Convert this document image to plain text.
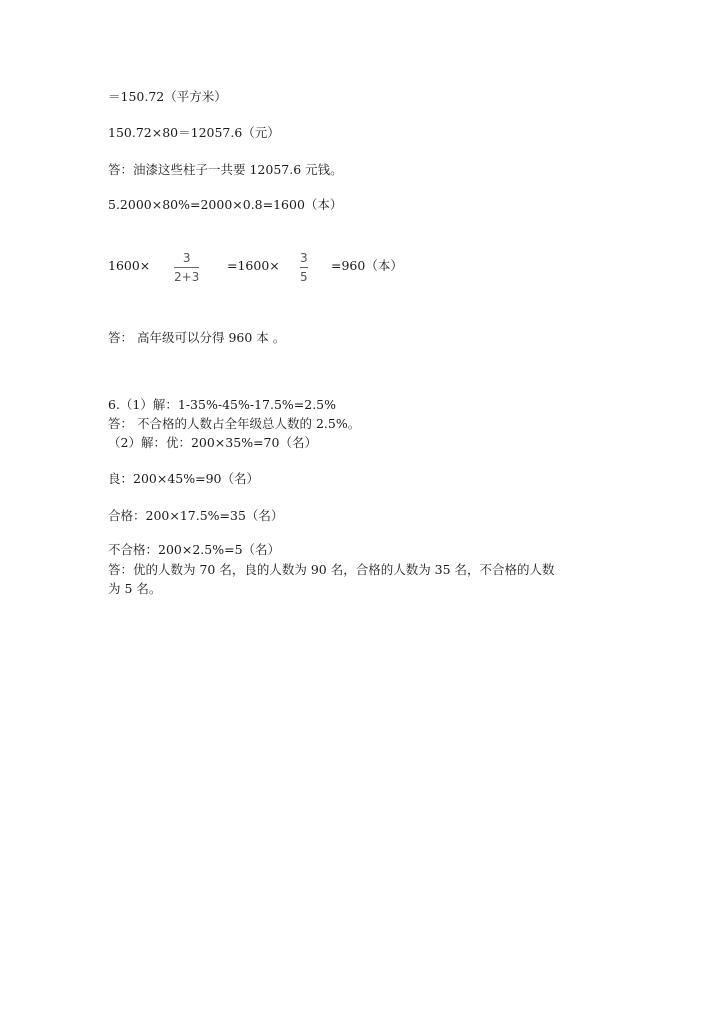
＝150.72（平方米）
150.72×80＝12057.6（元）
答：油漆这些柱子一共要 12057.6 元钱。
5.2000×80%=2000×0.8=1600（本）
1600×	3
2+3
=1600× 3
5
=960（本）
答： 高年级可以分得 960 本 。
6.（1）解：1-35%-45%-17.5%=2.5%
答： 不合格的人数占全年级总人数的 2.5%。
（2）解：优：200×35%=70（名）
良：200×45%=90（名）
合格：200×17.5%=35（名）
不合格：200×2.5%=5（名）
答：优的人数为 70 名，良的人数为 90 名，合格的人数为 35 名，不合格的人数
为 5 名。
